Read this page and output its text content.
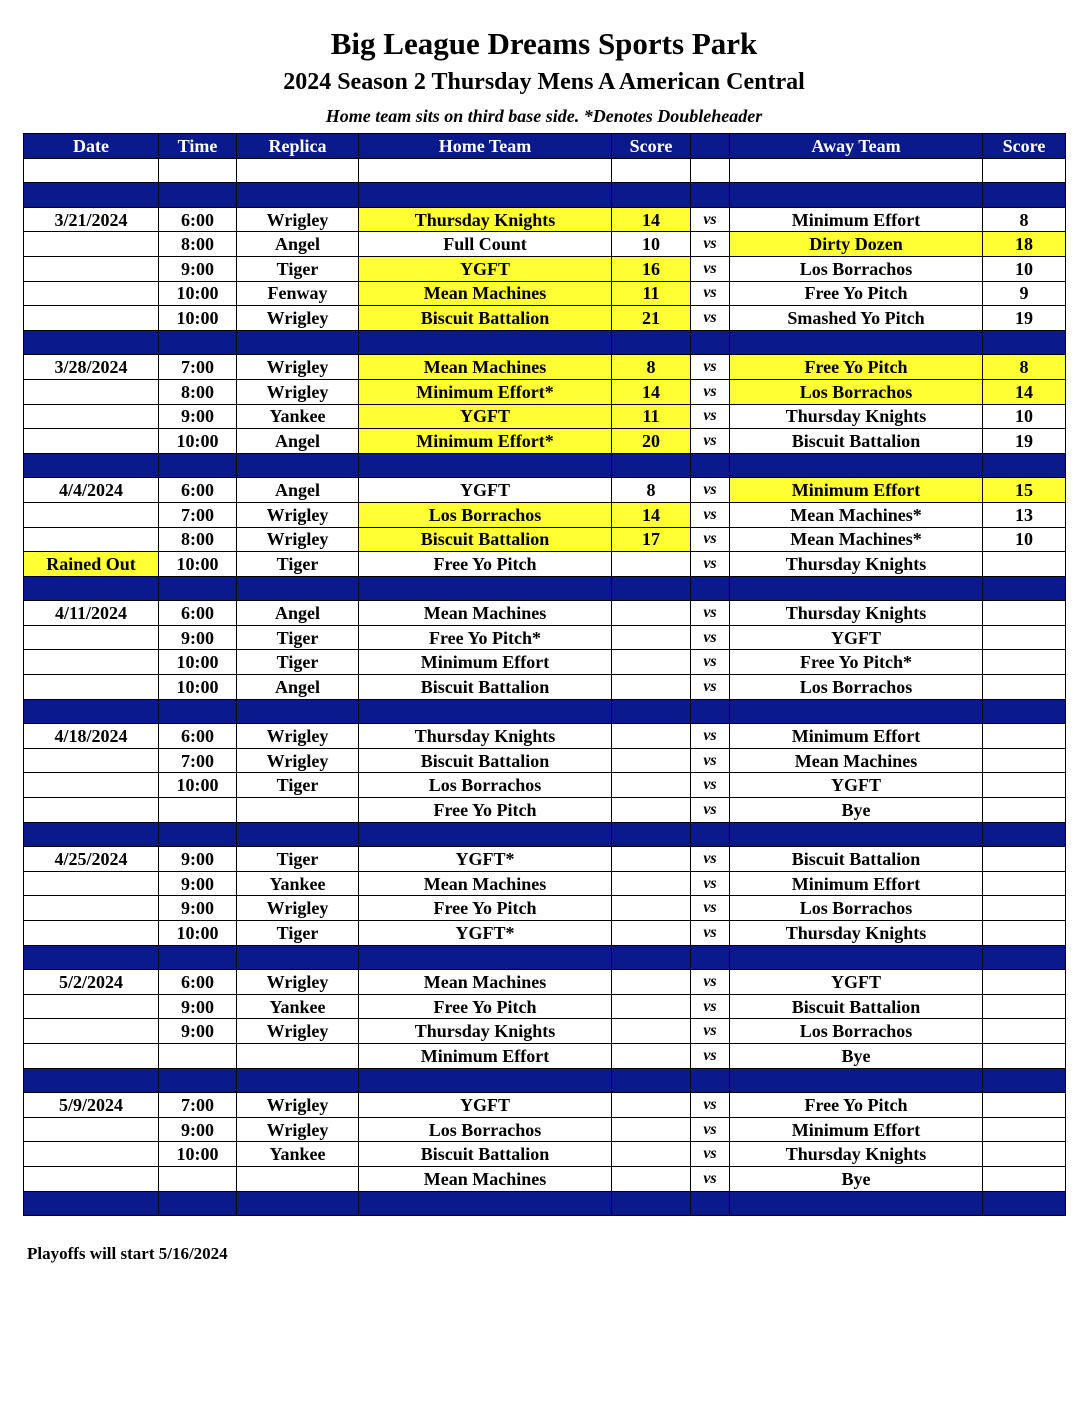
Big League Dreams Sports Park
2024 Season 2 Thursday Mens A American Central
Home team sits on third base side. *Denotes Doubleheader
Date	Time	Replica	Home Team	Score		Away Team	Score

3/21/2024	6:00	Wrigley	Thursday Knights	14	vs	Minimum Effort	8
	8:00	Angel	Full Count	10	vs	Dirty Dozen	18
	9:00	Tiger	YGFT	16	vs	Los Borrachos	10
	10:00	Fenway	Mean Machines	11	vs	Free Yo Pitch	9
	10:00	Wrigley	Biscuit Battalion	21	vs	Smashed Yo Pitch	19

3/28/2024	7:00	Wrigley	Mean Machines	8	vs	Free Yo Pitch	8
	8:00	Wrigley	Minimum Effort*	14	vs	Los Borrachos	14
	9:00	Yankee	YGFT	11	vs	Thursday Knights	10
	10:00	Angel	Minimum Effort*	20	vs	Biscuit Battalion	19

4/4/2024	6:00	Angel	YGFT	8	vs	Minimum Effort	15
	7:00	Wrigley	Los Borrachos	14	vs	Mean Machines*	13
	8:00	Wrigley	Biscuit Battalion	17	vs	Mean Machines*	10
Rained Out	10:00	Tiger	Free Yo Pitch		vs	Thursday Knights	

4/11/2024	6:00	Angel	Mean Machines		vs	Thursday Knights	
	9:00	Tiger	Free Yo Pitch*		vs	YGFT	
	10:00	Tiger	Minimum Effort		vs	Free Yo Pitch*	
	10:00	Angel	Biscuit Battalion		vs	Los Borrachos	

4/18/2024	6:00	Wrigley	Thursday Knights		vs	Minimum Effort	
	7:00	Wrigley	Biscuit Battalion		vs	Mean Machines	
	10:00	Tiger	Los Borrachos		vs	YGFT	
			Free Yo Pitch		vs	Bye	

4/25/2024	9:00	Tiger	YGFT*		vs	Biscuit Battalion	
	9:00	Yankee	Mean Machines		vs	Minimum Effort	
	9:00	Wrigley	Free Yo Pitch		vs	Los Borrachos	
	10:00	Tiger	YGFT*		vs	Thursday Knights	

5/2/2024	6:00	Wrigley	Mean Machines		vs	YGFT	
	9:00	Yankee	Free Yo Pitch		vs	Biscuit Battalion	
	9:00	Wrigley	Thursday Knights		vs	Los Borrachos	
			Minimum Effort		vs	Bye	

5/9/2024	7:00	Wrigley	YGFT		vs	Free Yo Pitch	
	9:00	Wrigley	Los Borrachos		vs	Minimum Effort	
	10:00	Yankee	Biscuit Battalion		vs	Thursday Knights	
			Mean Machines		vs	Bye	

Playoffs will start 5/16/2024
